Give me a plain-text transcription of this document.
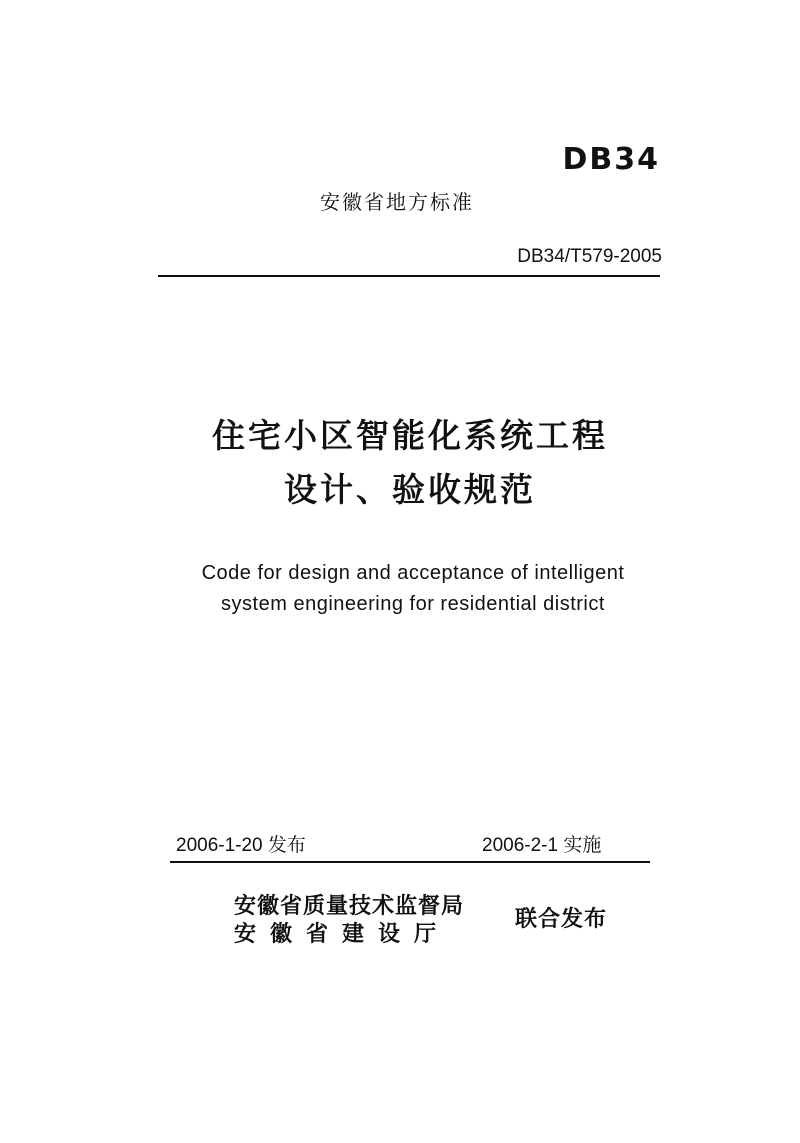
DB34
安徽省地方标准
DB34/T579-2005
住宅小区智能化系统工程
设计、验收规范
Code for design and acceptance of intelligent
system engineering for residential district
2006-1-20 发布	2006-2-1 实施
安徽省质量技术监督局
安徽省建设厅
联合发布
